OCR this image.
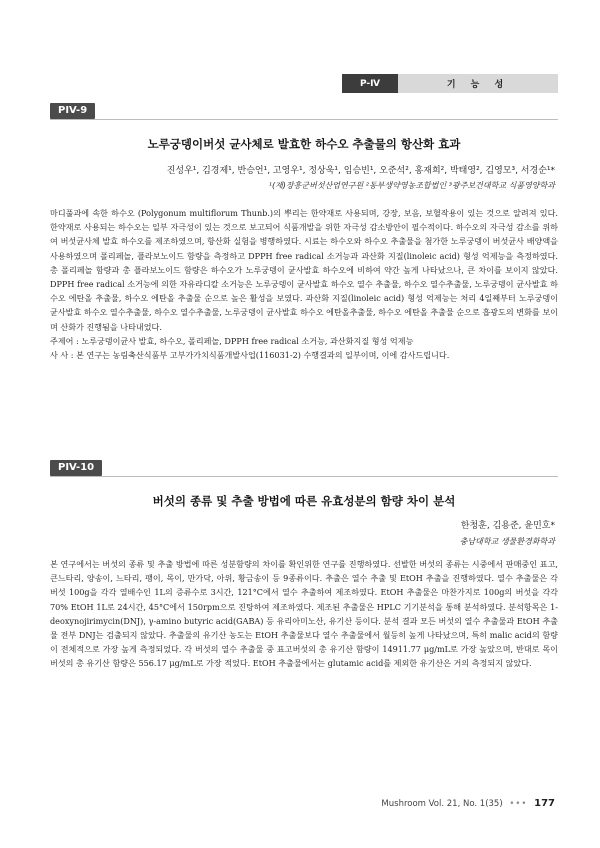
P-Ⅳ	기 능 성
PIV-9
노루궁뎅이버섯 균사체로 발효한 하수오 추출물의 항산화 효과
진성우¹, 김경제¹, 반승언¹, 고영우¹, 정상욱¹, 임승빈¹, 오준석², 홍재희², 박태영², 김영모³, 서경순¹*
¹(재)장흥군버섯산업연구원 ²동부생약영농조합법인 ³광주보건대학교 식품영양학과

마디풀과에 속한 하수오 (Polygonum multiflorum Thunb.)의 뿌리는 한약재로 사용되며, 강장, 보음, 보혈작용이 있는 것으로 알려져 있다. 한약재로 사용되는 하수오는 일부 자극성이 있는 것으로 보고되어 식품개발을 위한 자극성 감소방안이 필수적이다. 하수오의 자극성 감소를 위하여 버섯균사체 발효 하수오를 제조하였으며, 항산화 실험을 병행하였다. 시료는 하수오와 하수오 추출물을 첨가한 노루궁뎅이 버섯균사 배양액을 사용하였으며 폴리페놀, 플라보노이드 함량을 측정하고 DPPH free radical 소거능과 과산화 지질(linoleic acid) 형성 억제능을 측정하였다. 총 폴리페놀 함량과 총 플라보노이드 함량은 하수오가 노루궁뎅이 균사발효 하수오에 비하여 약간 높게 나타났으나, 큰 차이를 보이지 않았다. DPPH free radical 소거능에 의한 자유라디칼 소거능은 노루궁뎅이 균사발효 하수오 열수 추출물, 하수오 열수추출물, 노루궁뎅이 균사발효 하수오 에탄올 추출물, 하수오 에탄올 추출물 순으로 높은 활성을 보였다. 과산화 지질(linoleic acid) 형성 억제능는 처리 4일째부터 노루궁뎅이 균사발효 하수오 열수추출물, 하수오 열수추출물, 노루궁뎅이 균사발효 하수오 에탄올추출물, 하수오 에탄올 추출물 순으로 흡광도의 변화를 보이며 산화가 진행됨을 나타내었다.

주제어 : 노루궁뎅이균사 발효, 하수오, 폴리페놀, DPPH free radical 소거능, 과산화지질 형성 억제능

사 사 : 본 연구는 농림축산식품부 고부가가치식품개발사업(116031-2) 수행결과의 일부이며, 이에 감사드립니다.

PIV-10
버섯의 종류 및 추출 방법에 따른 유효성분의 함량 차이 분석
한청훈, 김용준, 윤민호*
충남대학교 생물환경화학과

본 연구에서는 버섯의 종류 및 추출 방법에 따른 성분함량의 차이를 확인위한 연구를 진행하였다. 선발한 버섯의 종류는 시중에서 판매중인 표고, 큰느타리, 양송이, 느타리, 팽이, 목이, 만가닥, 아위, 황금송이 등 9종류이다. 추출은 열수 추출 및 EtOH 추출을 진행하였다. 열수 추출물은 각 버섯 100g을 각각 열배수인 1L의 증류수로 3시간, 121°C에서 열수 추출하여 제조하였다. EtOH 추출물은 마찬가지로 100g의 버섯을 각각 70% EtOH 1L로 24시간, 45°C에서 150rpm으로 진탕하여 제조하였다. 제조된 추출물은 HPLC 기기분석을 통해 분석하였다. 분석항목은 1-deoxynojirimycin(DNJ), γ-amino butyric acid(GABA) 등 유리아미노산, 유기산 등이다. 분석 결과 모든 버섯의 열수 추출물과 EtOH 추출물 전부 DNJ는 검출되지 않았다. 추출물의 유기산 농도는 EtOH 추출물보다 열수 추출물에서 월등히 높게 나타났으며, 특히 malic acid의 함량이 전체적으로 가장 높게 측정되었다. 각 버섯의 열수 추출물 중 표고버섯의 총 유기산 함량이 14911.77 μg/mL로 가장 높았으며, 반대로 목이버섯의 총 유기산 함량은 556.17 μg/mL로 가장 적었다. EtOH 추출물에서는 glutamic acid를 제외한 유기산은 거의 측정되지 않았다.

Mushroom Vol. 21, No. 1(35) ••• 177
